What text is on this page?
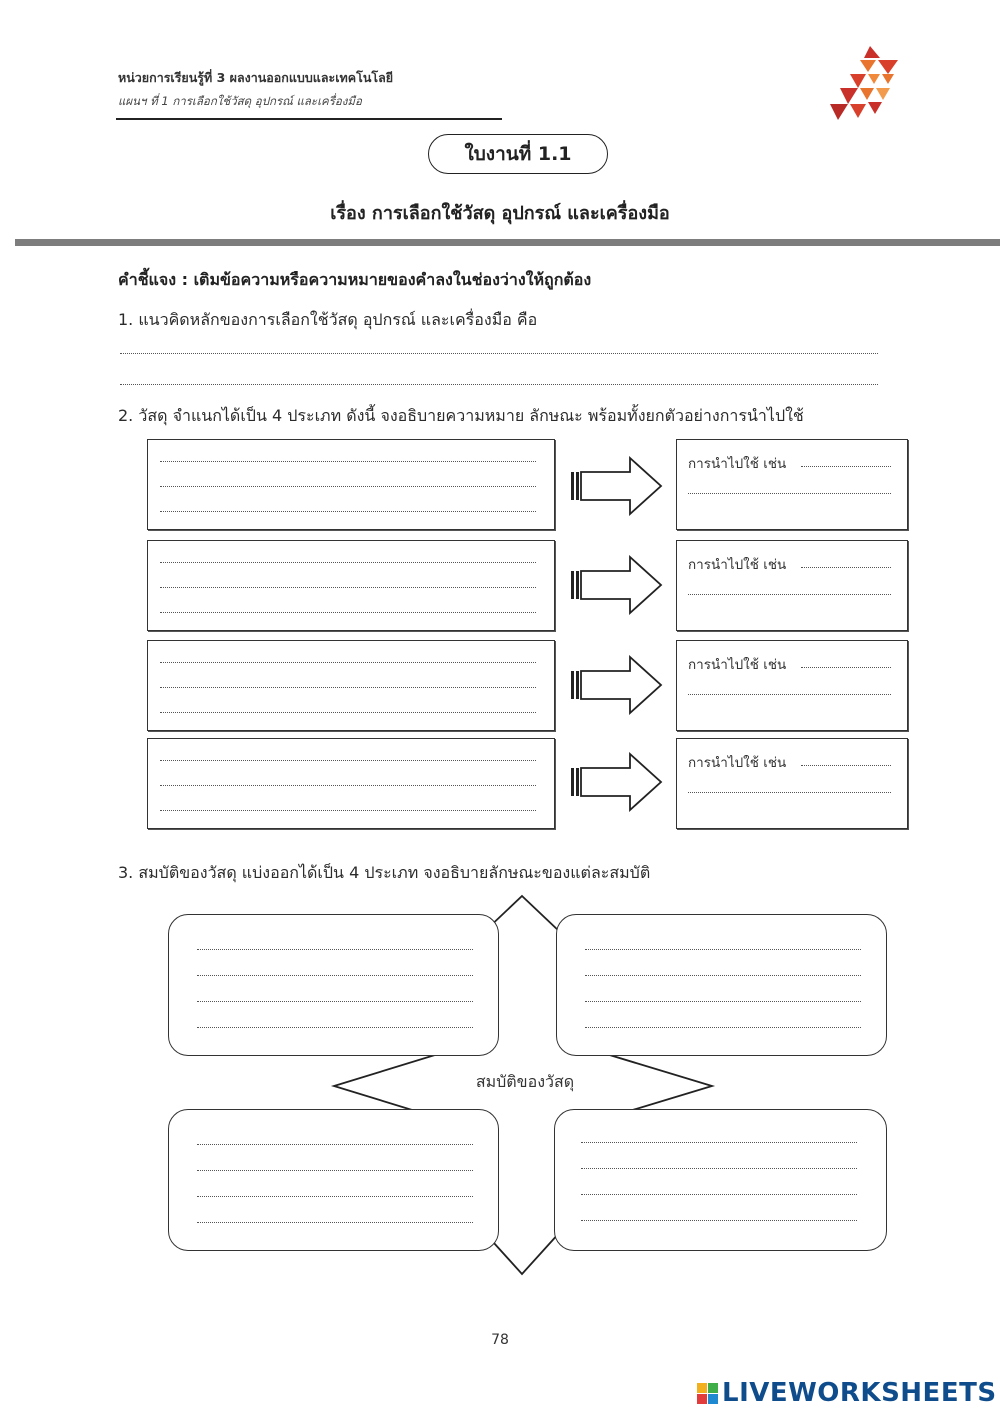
หน่วยการเรียนรู้ที่ 3 ผลงานออกแบบและเทคโนโลยี
แผนฯ ที่ 1 การเลือกใช้วัสดุ อุปกรณ์ และเครื่องมือ
ใบงานที่ 1.1
เรื่อง การเลือกใช้วัสดุ อุปกรณ์ และเครื่องมือ
คำชี้แจง : เติมข้อความหรือความหมายของคำลงในช่องว่างให้ถูกต้อง
1. แนวคิดหลักของการเลือกใช้วัสดุ อุปกรณ์ และเครื่องมือ คือ
2. วัสดุ จำแนกได้เป็น 4 ประเภท ดังนี้ จงอธิบายความหมาย ลักษณะ พร้อมทั้งยกตัวอย่างการนำไปใช้
การนำไปใช้ เช่น
การนำไปใช้ เช่น
การนำไปใช้ เช่น
การนำไปใช้ เช่น
3. สมบัติของวัสดุ แบ่งออกได้เป็น 4 ประเภท จงอธิบายลักษณะของแต่ละสมบัติ
สมบัติของวัสดุ
78
LIVEWORKSHEETS
